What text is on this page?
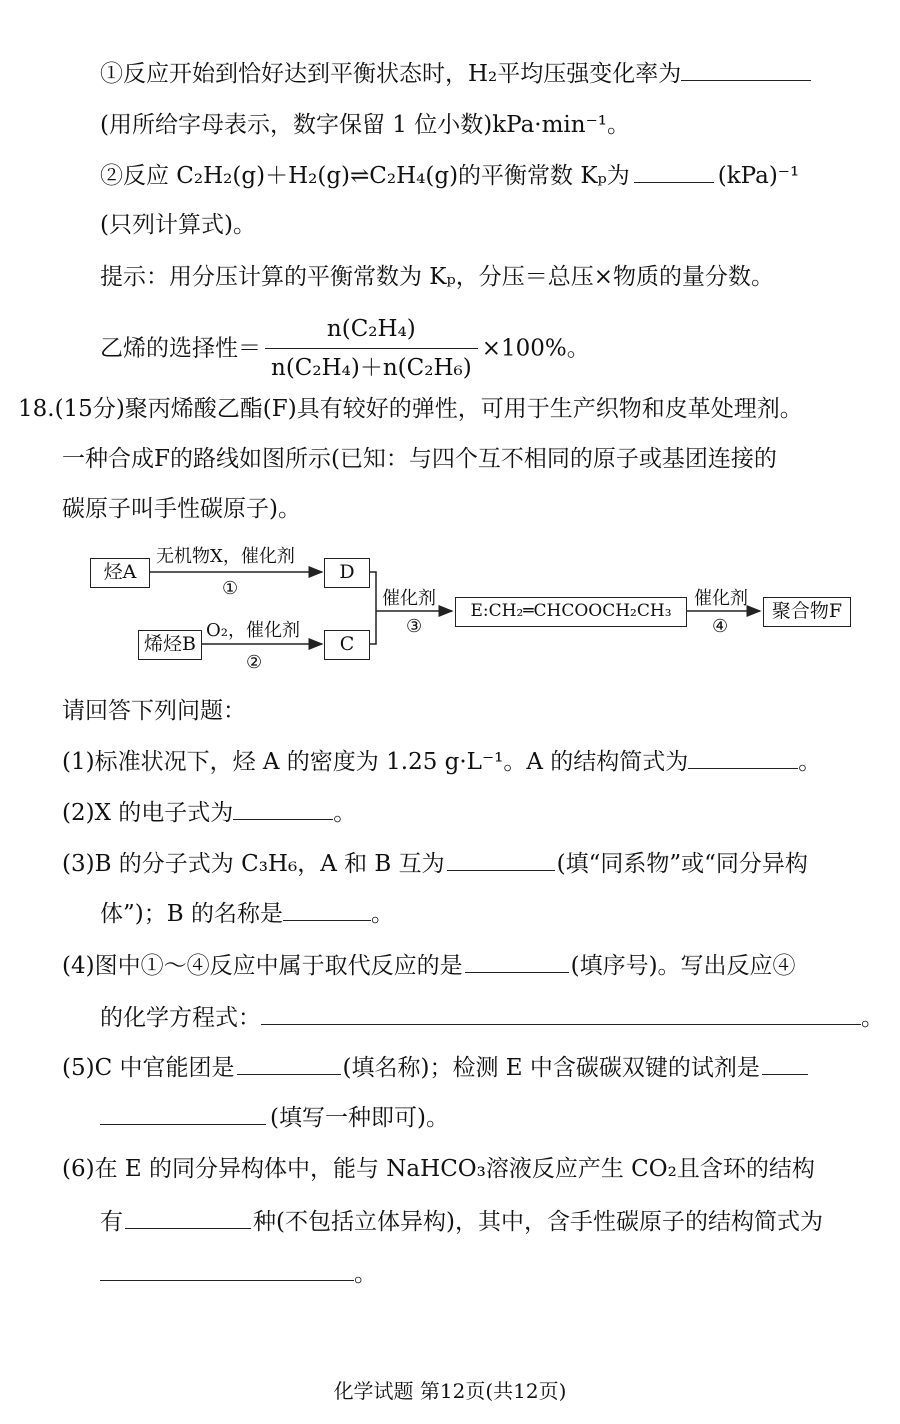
①反应开始到恰好达到平衡状态时，H₂平均压强变化率为
(用所给字母表示，数字保留 1 位小数)kPa·min⁻¹。
②反应 C₂H₂(g)＋H₂(g)⇌C₂H₄(g)的平衡常数 Kₚ为	(kPa)⁻¹
(只列计算式)。
提示：用分压计算的平衡常数为 Kₚ，分压＝总压×物质的量分数。
乙烯的选择性＝ $\frac{\text{n(C₂H₄)}}{\text{n(C₂H₄)＋n(C₂H₆)}} \times 100\%$。
18.(15分)聚丙烯酸乙酯(F)具有较好的弹性，可用于生产织物和皮革处理剂。
一种合成F的路线如图所示(已知：与四个互不相同的原子或基团连接的
碳原子叫手性碳原子)。
烃A
无机物X，催化剂
①
D
烯烃B
O₂，催化剂
②
C
催化剂
③
E:CH₂═CHCOOCH₂CH₃
催化剂
④
聚合物F
请回答下列问题：
(1)标准状况下，烃 A 的密度为 1.25 g·L⁻¹。A 的结构简式为	。
(2)X 的电子式为	。
(3)B 的分子式为 C₃H₆，A 和 B 互为	(填“同系物”或“同分异构
体”)；B 的名称是	。
(4)图中①～④反应中属于取代反应的是	(填序号)。写出反应④
的化学方程式：	。
(5)C 中官能团是	(填名称)；检测 E 中含碳碳双键的试剂是
(填写一种即可)。
(6)在 E 的同分异构体中，能与 NaHCO₃溶液反应产生 CO₂且含环的结构
有	种(不包括立体异构)，其中，含手性碳原子的结构简式为
。
化学试题 第12页(共12页)
